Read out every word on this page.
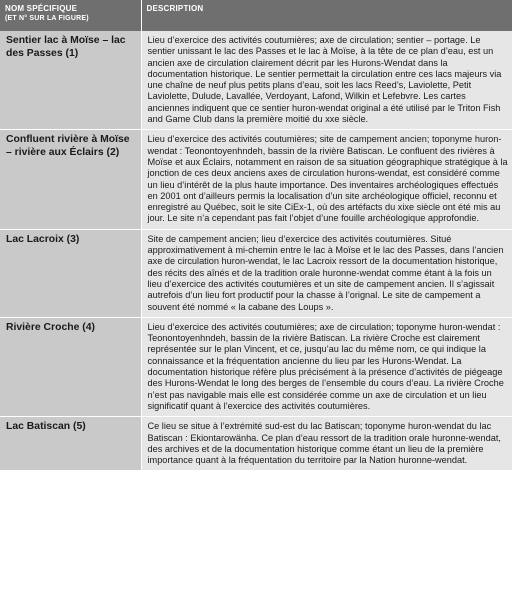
NOM SPÉCIFIQUE
(ET N° SUR LA FIGURE)	DESCRIPTION

Sentier lac à Moïse – lac des Passes (1)	Lieu d’exercice des activités coutumières; axe de circulation; sentier – portage. Le sentier unissant le lac des Passes et le lac à Moïse, à la tête de ce plan d’eau, est un ancien axe de circulation clairement décrit par les Hurons-Wendat dans la documentation historique. Le sentier permettait la circulation entre ces lacs majeurs via une chaîne de neuf plus petits plans d’eau, soit les lacs Reed’s, Laviolette, Petit Laviolette, Dulude, Lavallée, Verdoyant, Lafond, Wilkin et Lefebvre. Les cartes anciennes indiquent que ce sentier huron-wendat original a été utilisé par le Triton Fish and Game Club dans la première moitié du xxe siècle.
Confluent rivière à Moïse – rivière aux Éclairs (2)	Lieu d’exercice des activités coutumières; site de campement ancien; toponyme huron-wendat : Teonontoyenhndeh, bassin de la rivière Batiscan. Le confluent des rivières à Moïse et aux Éclairs, notamment en raison de sa situation géographique stratégique à la jonction de ces deux anciens axes de circulation hurons-wendat, est considéré comme un lieu d’intérêt de la plus haute importance. Des inventaires archéologiques effectués en 2001 ont d’ailleurs permis la localisation d’un site archéologique officiel, reconnu et enregistré au Québec, soit le site CiEx-1, où des artéfacts du xixe siècle ont été mis au jour. Le site n’a cependant pas fait l’objet d’une fouille archéologique approfondie.
Lac Lacroix (3)	Site de campement ancien; lieu d’exercice des activités coutumières. Situé approximativement à mi-chemin entre le lac à Moïse et le lac des Passes, dans l’ancien axe de circulation huron-wendat, le lac Lacroix ressort de la documentation historique, des récits des aînés et de la tradition orale huronne-wendat comme étant à la fois un lieu d’exercice des activités coutumières et un site de campement ancien. Il s’agissait autrefois d’un lieu fort productif pour la chasse à l’orignal. Le site de campement a souvent été nommé « la cabane des Loups ».
Rivière Croche (4)	Lieu d’exercice des activités coutumières; axe de circulation; toponyme huron-wendat : Teonontoyenhndeh, bassin de la rivière Batiscan. La rivière Croche est clairement représentée sur le plan Vincent, et ce, jusqu’au lac du même nom, ce qui indique la connaissance et la fréquentation ancienne du lieu par les Hurons-Wendat. La documentation historique réfère plus précisément à la présence d’activités de piégeage des Hurons-Wendat le long des berges de l’ensemble du cours d’eau. La rivière Croche n’est pas navigable mais elle est considérée comme un axe de circulation et un lieu significatif quant à l’exercice des activités coutumières.
Lac Batiscan (5)	Ce lieu se situe à l’extrémité sud-est du lac Batiscan; toponyme huron-wendat du lac Batiscan : Ekiontarowänha. Ce plan d’eau ressort de la tradition orale huronne-wendat, des archives et de la documentation historique comme étant un lieu de la première importance quant à la fréquentation du territoire par la Nation huronne-wendat.
